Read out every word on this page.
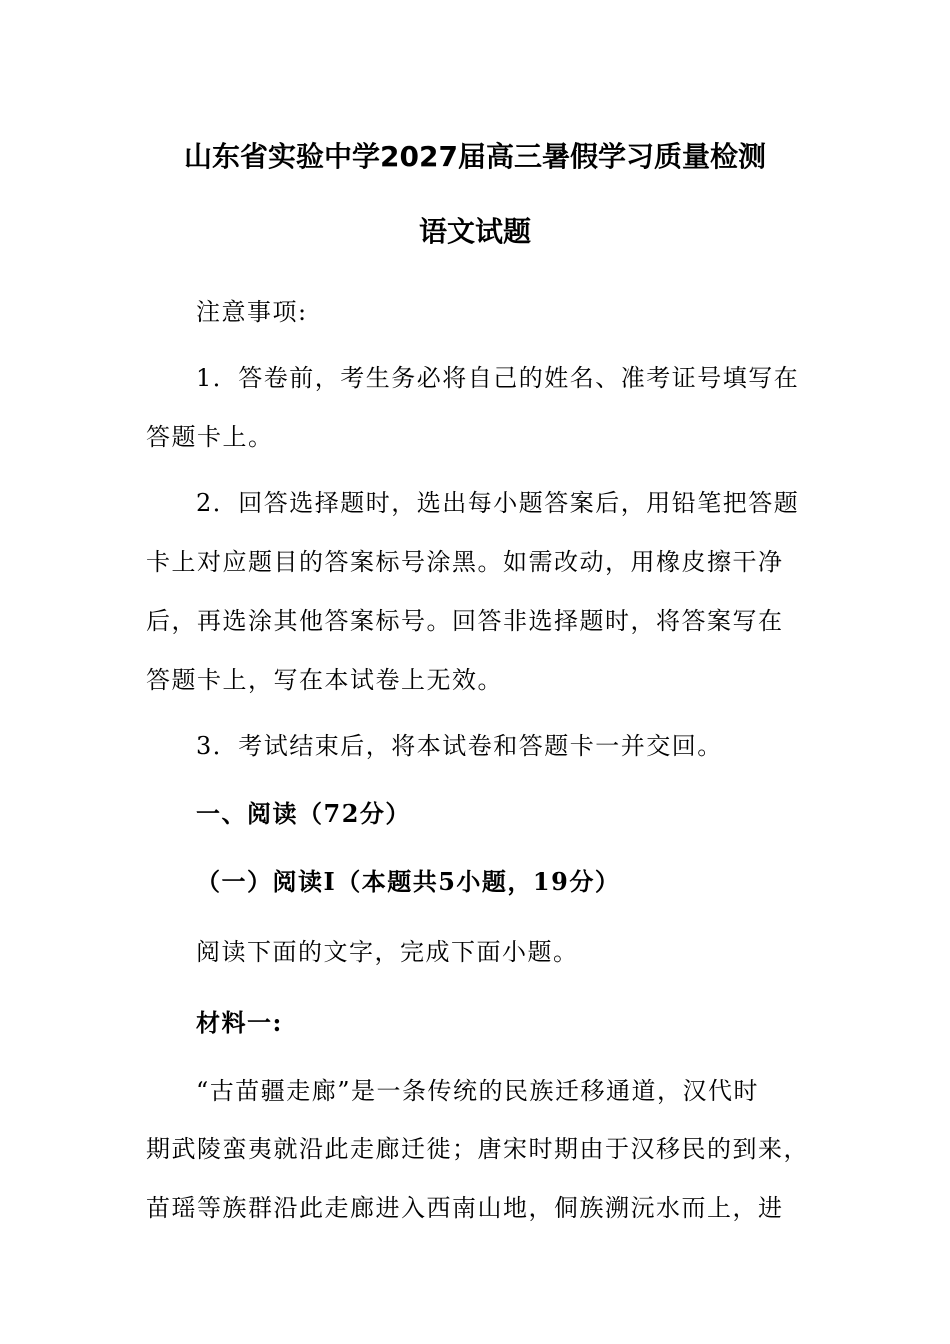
山东省实验中学2027届高三暑假学习质量检测
语文试题
注意事项:
1．答卷前，考生务必将自己的姓名、准考证号填写在
答题卡上。
2．回答选择题时，选出每小题答案后，用铅笔把答题
卡上对应题目的答案标号涂黑。如需改动，用橡皮擦干净
后，再选涂其他答案标号。回答非选择题时，将答案写在
答题卡上，写在本试卷上无效。
3．考试结束后，将本试卷和答题卡一并交回。
一、阅读（72分）
（一）阅读I（本题共5小题，19分）
阅读下面的文字，完成下面小题。
材料一:
“古苗疆走廊”是一条传统的民族迁移通道，汉代时
期武陵蛮夷就沿此走廊迁徙；唐宋时期由于汉移民的到来，
苗瑶等族群沿此走廊进入西南山地，侗族溯沅水而上，进
